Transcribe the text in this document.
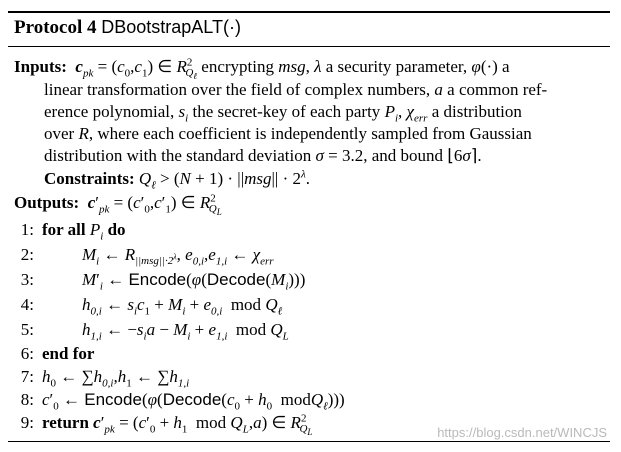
Protocol 4 DBootstrapALT(·)
Inputs: $c_{pk} = (c_0,c_1)$ ∈ $R^2_{Q_\ell}$ encrypting msg, λ a security parameter, φ(·) a
linear transformation over the field of complex numbers, a a common ref-
erence polynomial, $s_i$ the secret-key of each party $P_i$, $\chi_{err}$ a distribution
over R, where each coefficient is independently sampled from Gaussian
distribution with the standard deviation σ = 3.2, and bound ⌊6σ⌉.
Constraints: $Q_\ell > (N + 1) \cdot ||msg|| \cdot 2^\lambda$.
Outputs: $c'_{pk} = (c'_0,c'_1)$ ∈ $R^2_{Q_L}$
1: for all $P_i$ do
2:	$M_i$ ← $R_{||msg||\cdot 2^\lambda}$, $e_{0,i},e_{1,i}$ ← $\chi_{err}$
3:	$M'_i$ ← $Encode(\varphi(Decode(M_i)))$
4:	$h_{0,i}$ ← $s_ic_1 + M_i + e_{0,i}$  mod $Q_\ell$
5:	$h_{1,i}$ ← $-s_ia - M_i + e_{1,i}$  mod $Q_L$
6: end for
7: $h_0$ ← $\sum h_{0,i},h_1$ ← $\sum h_{1,i}$
8: $c'_0$ ← $Encode(\varphi(Decode(c_0 + h_0$  modQ$_\ell$)))
9: return $c'_{pk} = (c'_0 + h_1$  mod $Q_L,a$) ∈ $R^2_{Q_L}$	https://blog.csdn.net/WINCJS
